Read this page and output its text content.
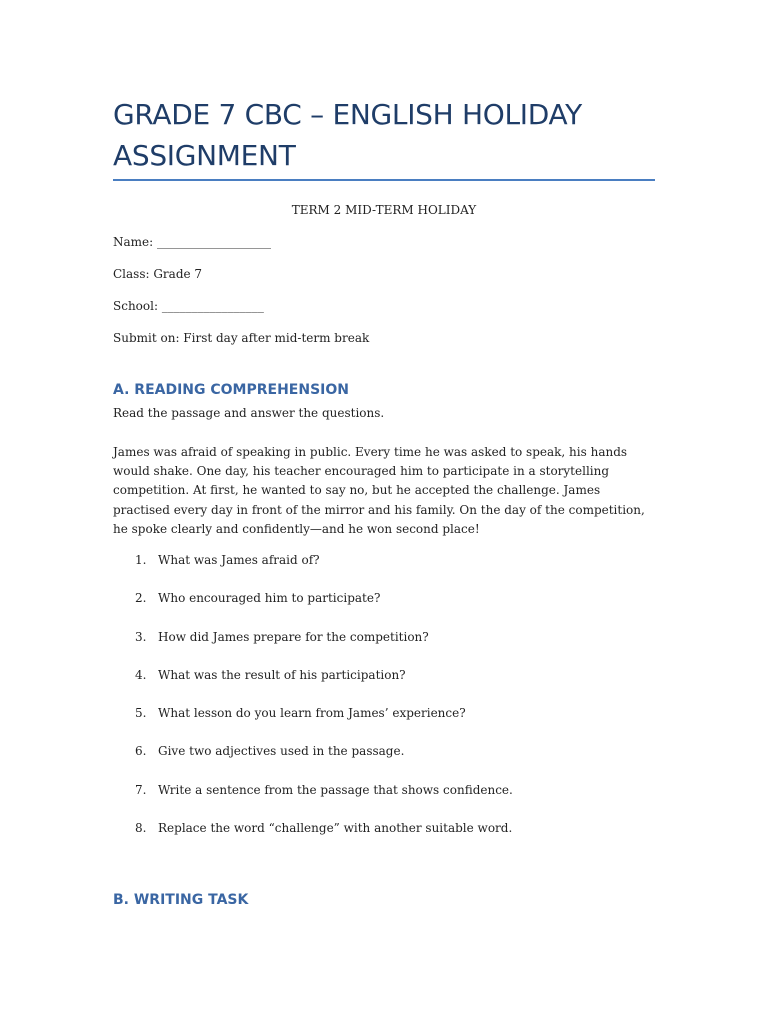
GRADE 7 CBC – ENGLISH HOLIDAY ASSIGNMENT
TERM 2 MID-TERM HOLIDAY
Name: ___________________
Class: Grade 7
School: _________________
Submit on: First day after mid-term break
A. READING COMPREHENSION
Read the passage and answer the questions.

James was afraid of speaking in public. Every time he was asked to speak, his hands would shake. One day, his teacher encouraged him to participate in a storytelling competition. At first, he wanted to say no, but he accepted the challenge. James practised every day in front of the mirror and his family. On the day of the competition, he spoke clearly and confidently—and he won second place!

1. What was James afraid of?
2. Who encouraged him to participate?
3. How did James prepare for the competition?
4. What was the result of his participation?
5. What lesson do you learn from James’ experience?
6. Give two adjectives used in the passage.
7. Write a sentence from the passage that shows confidence.
8. Replace the word “challenge” with another suitable word.
B. WRITING TASK
